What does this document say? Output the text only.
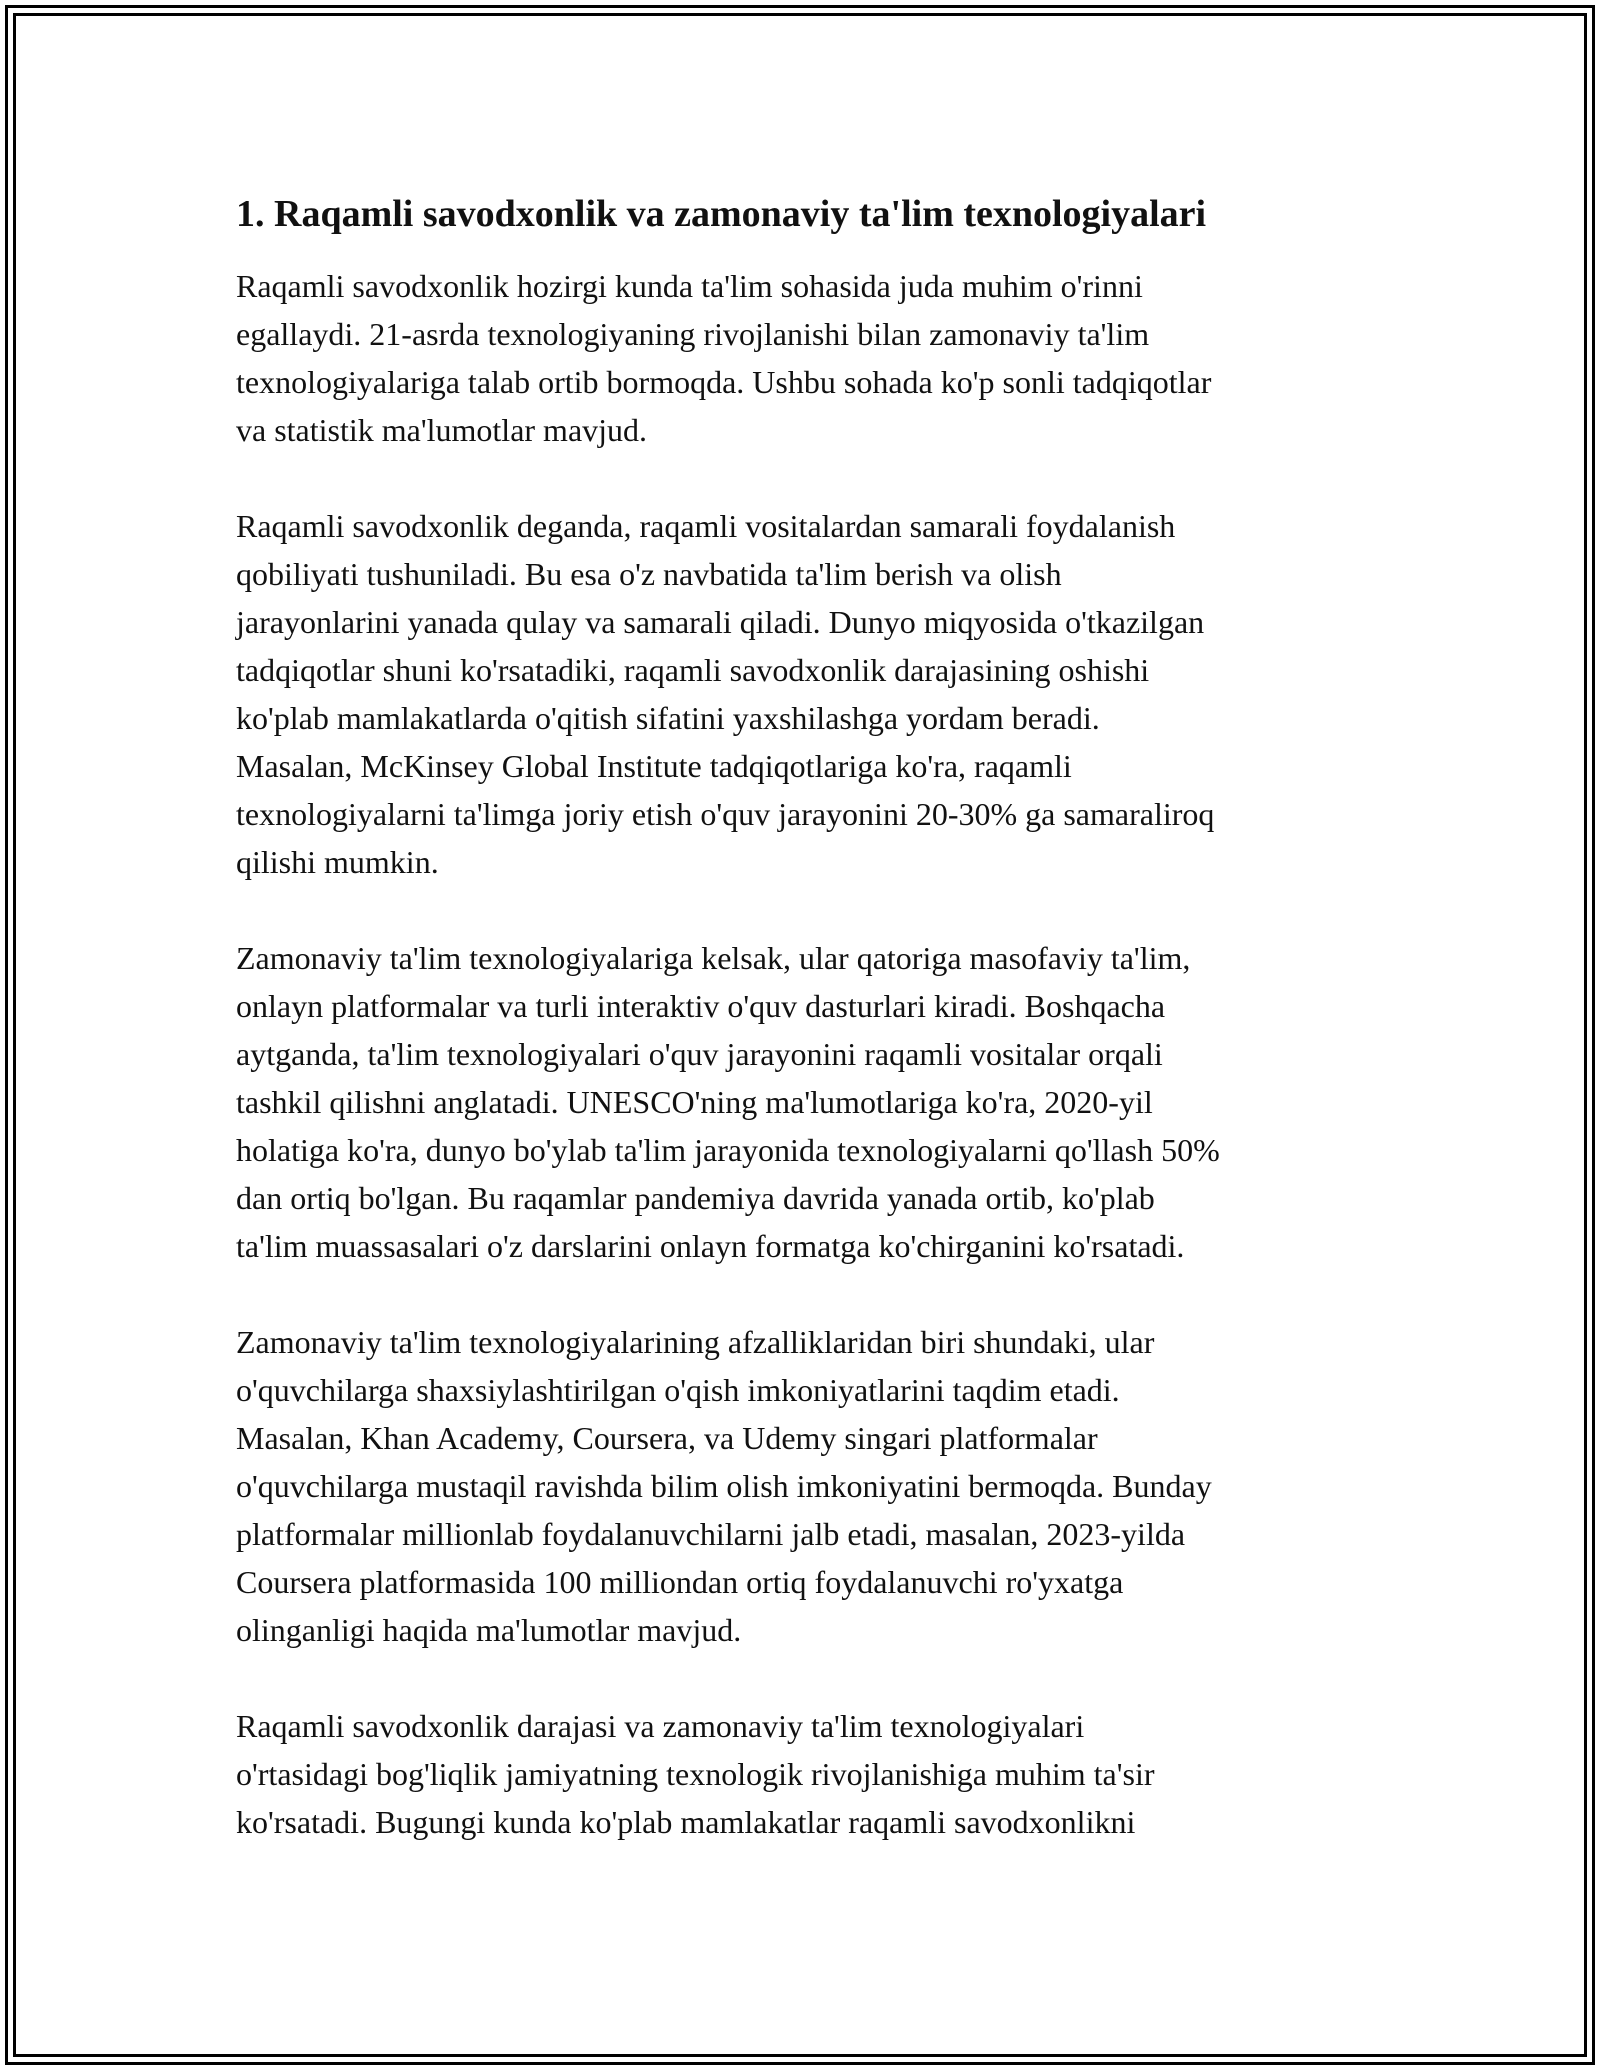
1. Raqamli savodxonlik va zamonaviy ta'lim texnologiyalari

Raqamli savodxonlik hozirgi kunda ta'lim sohasida juda muhim o'rinni
egallaydi. 21-asrda texnologiyaning rivojlanishi bilan zamonaviy ta'lim
texnologiyalariga talab ortib bormoqda. Ushbu sohada ko'p sonli tadqiqotlar
va statistik ma'lumotlar mavjud.

Raqamli savodxonlik deganda, raqamli vositalardan samarali foydalanish
qobiliyati tushuniladi. Bu esa o'z navbatida ta'lim berish va olish
jarayonlarini yanada qulay va samarali qiladi. Dunyo miqyosida o'tkazilgan
tadqiqotlar shuni ko'rsatadiki, raqamli savodxonlik darajasining oshishi
ko'plab mamlakatlarda o'qitish sifatini yaxshilashga yordam beradi.
Masalan, McKinsey Global Institute tadqiqotlariga ko'ra, raqamli
texnologiyalarni ta'limga joriy etish o'quv jarayonini 20-30% ga samaraliroq
qilishi mumkin.

Zamonaviy ta'lim texnologiyalariga kelsak, ular qatoriga masofaviy ta'lim,
onlayn platformalar va turli interaktiv o'quv dasturlari kiradi. Boshqacha
aytganda, ta'lim texnologiyalari o'quv jarayonini raqamli vositalar orqali
tashkil qilishni anglatadi. UNESCO'ning ma'lumotlariga ko'ra, 2020-yil
holatiga ko'ra, dunyo bo'ylab ta'lim jarayonida texnologiyalarni qo'llash 50%
dan ortiq bo'lgan. Bu raqamlar pandemiya davrida yanada ortib, ko'plab
ta'lim muassasalari o'z darslarini onlayn formatga ko'chirganini ko'rsatadi.

Zamonaviy ta'lim texnologiyalarining afzalliklaridan biri shundaki, ular
o'quvchilarga shaxsiylashtirilgan o'qish imkoniyatlarini taqdim etadi.
Masalan, Khan Academy, Coursera, va Udemy singari platformalar
o'quvchilarga mustaqil ravishda bilim olish imkoniyatini bermoqda. Bunday
platformalar millionlab foydalanuvchilarni jalb etadi, masalan, 2023-yilda
Coursera platformasida 100 milliondan ortiq foydalanuvchi ro'yxatga
olinganligi haqida ma'lumotlar mavjud.

Raqamli savodxonlik darajasi va zamonaviy ta'lim texnologiyalari
o'rtasidagi bog'liqlik jamiyatning texnologik rivojlanishiga muhim ta'sir
ko'rsatadi. Bugungi kunda ko'plab mamlakatlar raqamli savodxonlikni
